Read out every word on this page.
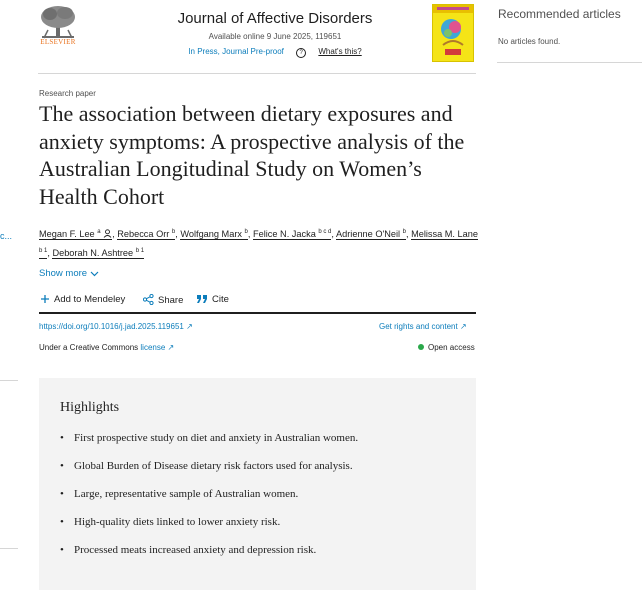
c...
ELSEVIER
Journal of Affective Disorders
Available online 9 June 2025, 119651
In Press, Journal Pre-proof	? What's this?
Recommended articles
No articles found.
Research paper
The association between dietary exposures and anxiety symptoms: A prospective analysis of the Australian Longitudinal Study on Women’s Health Cohort
Megan F. Lee $^a$ , Rebecca Orr $^b$, Wolfgang Marx $^b$, Felice N. Jacka $^{b c d}$, Adrienne O'Neil $^b$, Melissa M. Lane $^{b 1}$, Deborah N. Ashtree $^{b 1}$
Show more
Add to Mendeley	Share	Cite
https://doi.org/10.1016/j.jad.2025.119651 ↗	Get rights and content ↗
Under a Creative Commons license ↗	Open access
Highlights
• First prospective study on diet and anxiety in Australian women.
• Global Burden of Disease dietary risk factors used for analysis.
• Large, representative sample of Australian women.
• High-quality diets linked to lower anxiety risk.
• Processed meats increased anxiety and depression risk.
